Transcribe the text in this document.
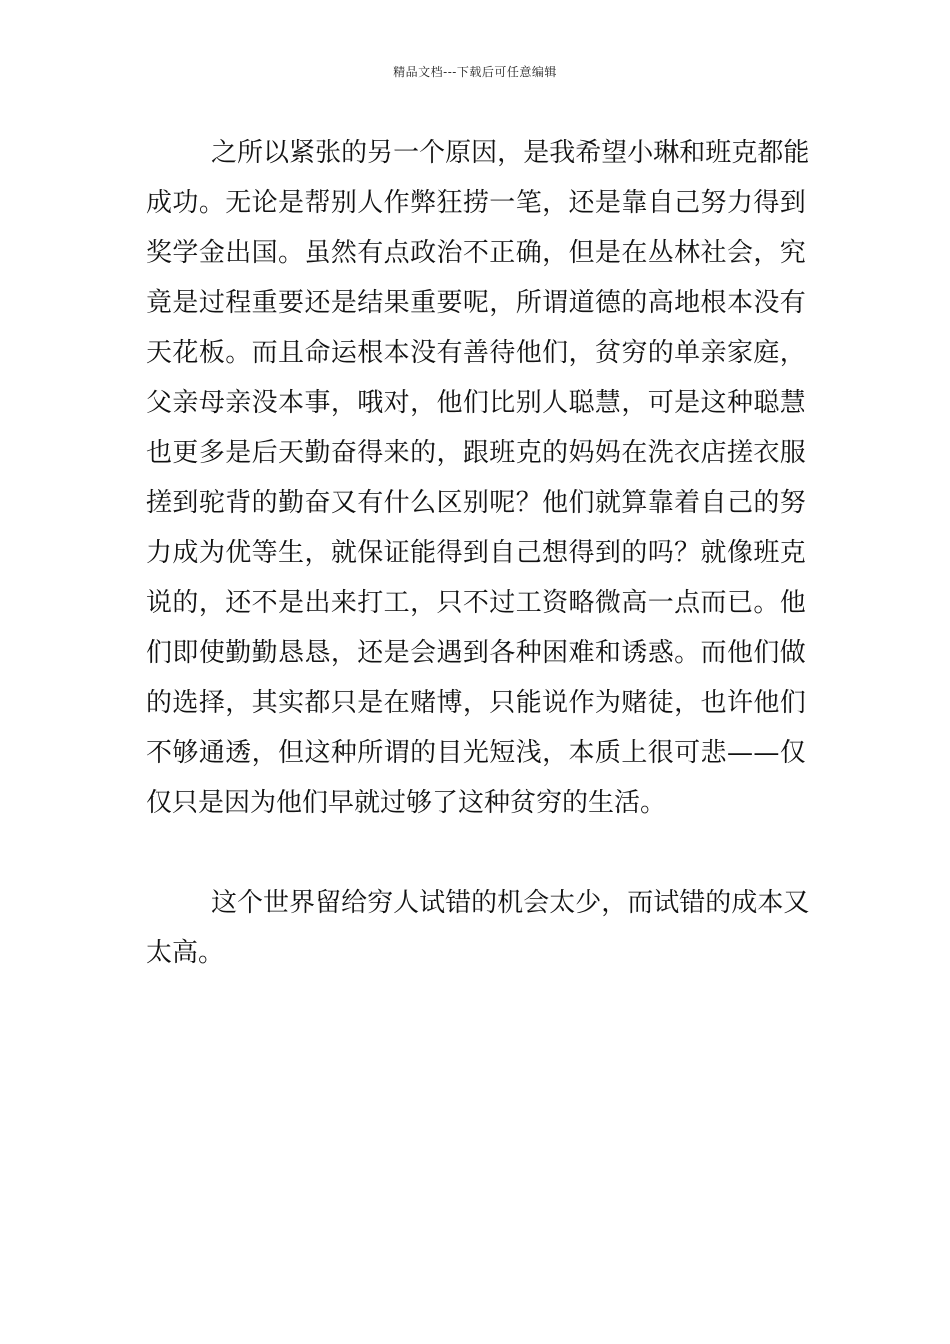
精品文档---下载后可任意编辑
之 所 以 紧 张 的 另 一 个 原 因 ， 是 我 希 望 小 琳 和 班 克 都 能
成 功 。 无 论 是 帮 别 人 作 弊 狂 捞 一 笔 ， 还 是 靠 自 己 努 力 得 到
奖 学 金 出 国 。 虽 然 有 点 政 治 不 正 确 ， 但 是 在 丛 林 社 会 ， 究
竟 是 过 程 重 要 还 是 结 果 重 要 呢 ， 所 谓 道 德 的 高 地 根 本 没 有
天 花 板 。 而 且 命 运 根 本 没 有 善 待 他 们 ， 贫 穷 的 单 亲 家 庭 ，
父 亲 母 亲 没 本 事 ， 哦 对 ， 他 们 比 别 人 聪 慧 ， 可 是 这 种 聪 慧
也 更 多 是 后 天 勤 奋 得 来 的 ， 跟 班 克 的 妈 妈 在 洗 衣 店 搓 衣 服
搓 到 驼 背 的 勤 奋 又 有 什 么 区 别 呢 ？ 他 们 就 算 靠 着 自 己 的 努
力 成 为 优 等 生 ， 就 保 证 能 得 到 自 己 想 得 到 的 吗 ？ 就 像 班 克
说 的 ， 还 不 是 出 来 打 工 ， 只 不 过 工 资 略 微 高 一 点 而 已 。 他
们 即 使 勤 勤 恳 恳 ， 还 是 会 遇 到 各 种 困 难 和 诱 惑 。 而 他 们 做
的 选 择 ， 其 实 都 只 是 在 赌 博 ， 只 能 说 作 为 赌 徒 ， 也 许 他 们
不 够 通 透 ， 但 这 种 所 谓 的 目 光 短 浅 ， 本 质 上 很 可 悲 — — 仅
仅只是因为他们早就过够了这种贫穷的生活。
这 个 世 界 留 给 穷 人 试 错 的 机 会 太 少 ， 而 试 错 的 成 本 又
太高。
